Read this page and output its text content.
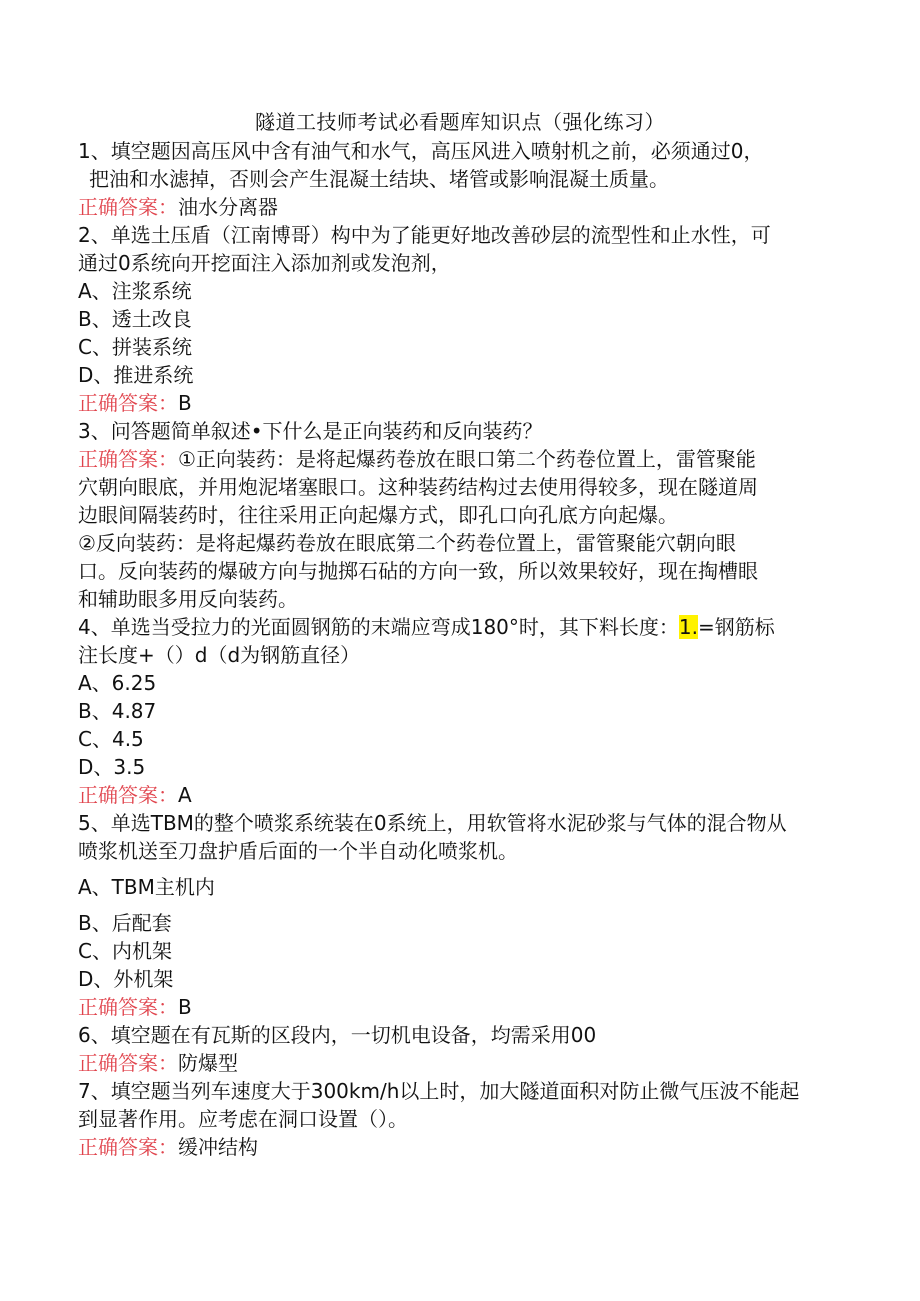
隧道工技师考试必看题库知识点（强化练习）
1、填空题因高压风中含有油气和水气，高压风进入喷射机之前，必须通过0，
把油和水滤掉，否则会产生混凝土结块、堵管或影响混凝土质量。
正确答案：油水分离器
2、单选土压盾（江南博哥）构中为了能更好地改善砂层的流型性和止水性，可
通过0系统向开挖面注入添加剂或发泡剂，
A、注浆系统
B、透土改良
C、拼装系统
D、推进系统
正确答案：B
3、问答题简单叙述•下什么是正向装药和反向装药？
正确答案：①正向装药：是将起爆药卷放在眼口第二个药卷位置上，雷管聚能
穴朝向眼底，并用炮泥堵塞眼口。这种装药结构过去使用得较多，现在隧道周
边眼间隔装药时，往往采用正向起爆方式，即孔口向孔底方向起爆。
②反向装药：是将起爆药卷放在眼底第二个药卷位置上，雷管聚能穴朝向眼
口。反向装药的爆破方向与抛掷石砧的方向一致，所以效果较好，现在掏槽眼
和辅助眼多用反向装药。
4、单选当受拉力的光面圆钢筋的末端应弯成180°时，其下料长度：1.=钢筋标
注长度+（）d（d为钢筋直径）
A、6.25
B、4.87
C、4.5
D、3.5
正确答案：A
5、单选TBM的整个喷浆系统装在0系统上，用软管将水泥砂浆与气体的混合物从
喷浆机送至刀盘护盾后面的一个半自动化喷浆机。
A、TBM主机内
B、后配套
C、内机架
D、外机架
正确答案：B
6、填空题在有瓦斯的区段内，一切机电设备，均需采用00
正确答案：防爆型
7、填空题当列车速度大于300km/h以上时，加大隧道面积对防止微气压波不能起
到显著作用。应考虑在洞口设置（）。
正确答案：缓冲结构
